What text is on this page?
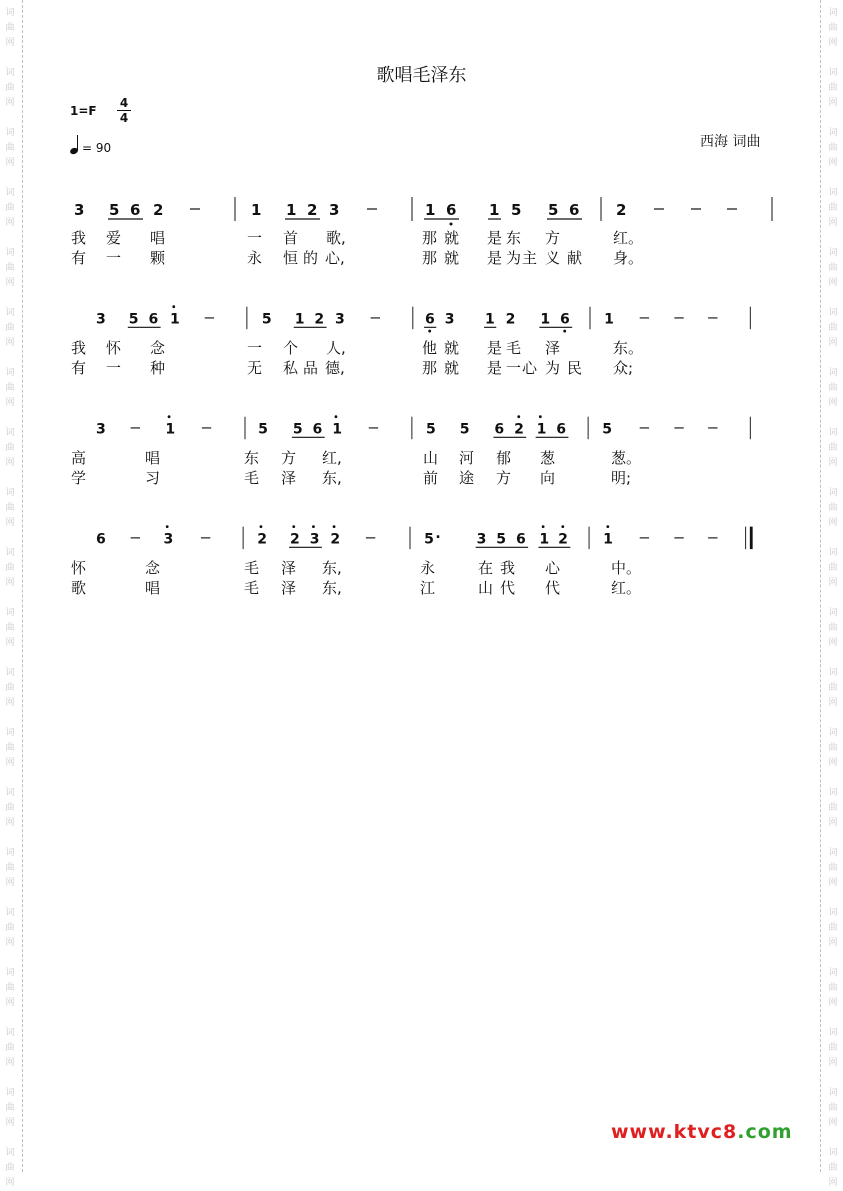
词
曲
网
词
曲
网
词
曲
网
词
曲
网
词
曲
网
词
曲
网
词
曲
网
词
曲
网
词
曲
网
词
曲
网
词
曲
网
词
曲
网
词
曲
网
词
曲
网
词
曲
网
词
曲
网
词
曲
网
词
曲
网
词
曲
网
词
曲
网
词
曲
网
词
曲
网
词
曲
网
词
曲
网
词
曲
网
词
曲
网
词
曲
网
词
曲
网
词
曲
网
词
曲
网
词
曲
网
词
曲
网
词
曲
网
词
曲
网
词
曲
网
词
曲
网
词
曲
网
词
曲
网
词
曲
网
词
曲
网
歌唱毛泽东
1=F
4
4
= 90	西海 词曲
3 5 6 2	1 1 2 3	1 6 1 5 5 6 2
我 爱 唱	一 首 歌,	那 就 是 东 方	红。
有 一 颗	永 恒 的 心,	那 就 是 为 主 义 献 身。
3 5 6 1	5 1 2 3	6 3 1 2 1 6 1
我 怀 念	一 个 人,	他 就 是 毛 泽	东。
有 一 种	无 私 品 德,	那 就 是 一 心 为 民 众;
3	1	5 5 6 1	5 5 6 2 1 6 5
高	唱	东 方 红,	山 河 郁 葱	葱。
学	习	毛 泽 东,	前 途 方 向	明;
6	3	2 2 3 2	5 · 3 5 6 1 2 1
怀	念	毛 泽 东,	永	在 我 心	中。
歌	唱	毛 泽 东,	江	山 代 代	红。
www.ktvc8.com
